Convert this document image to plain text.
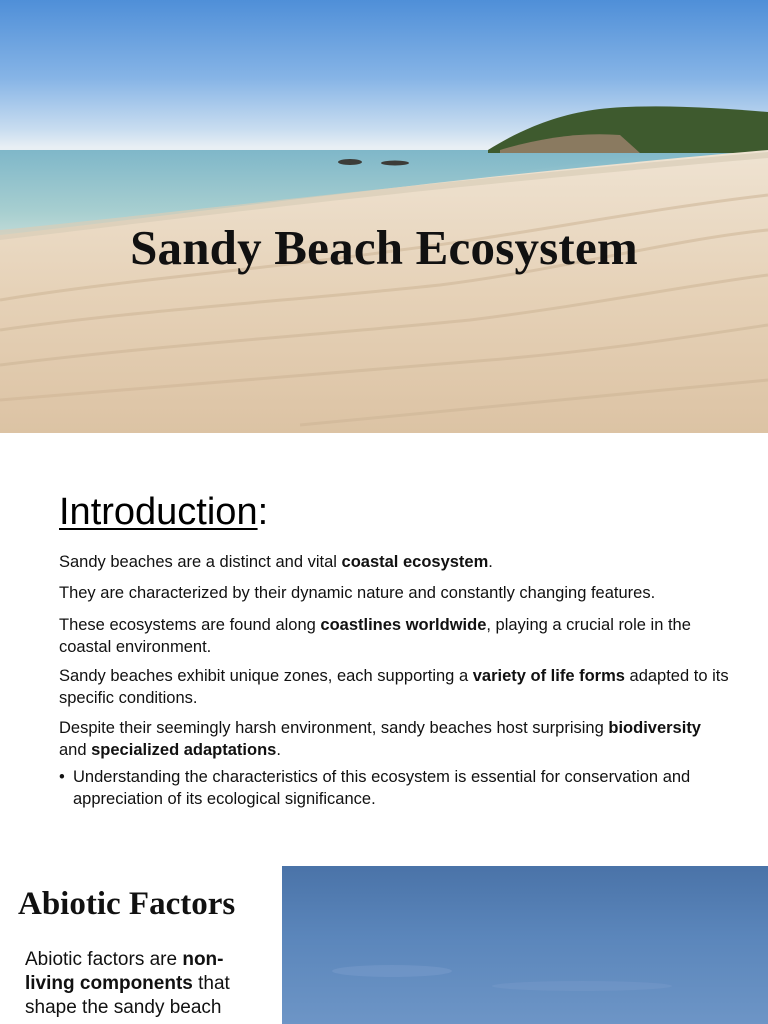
Sandy Beach Ecosystem
Introduction:
Sandy beaches are a distinct and vital coastal ecosystem.
They are characterized by their dynamic nature and constantly changing features.
These ecosystems are found along coastlines worldwide, playing a crucial role in the coastal environment.
Sandy beaches exhibit unique zones, each supporting a variety of life forms adapted to its specific conditions.
Despite their seemingly harsh environment, sandy beaches host surprising biodiversity and specialized adaptations.
• Understanding the characteristics of this ecosystem is essential for conservation and appreciation of its ecological significance.
Abiotic Factors
Abiotic factors are non-living components that shape the sandy beach
